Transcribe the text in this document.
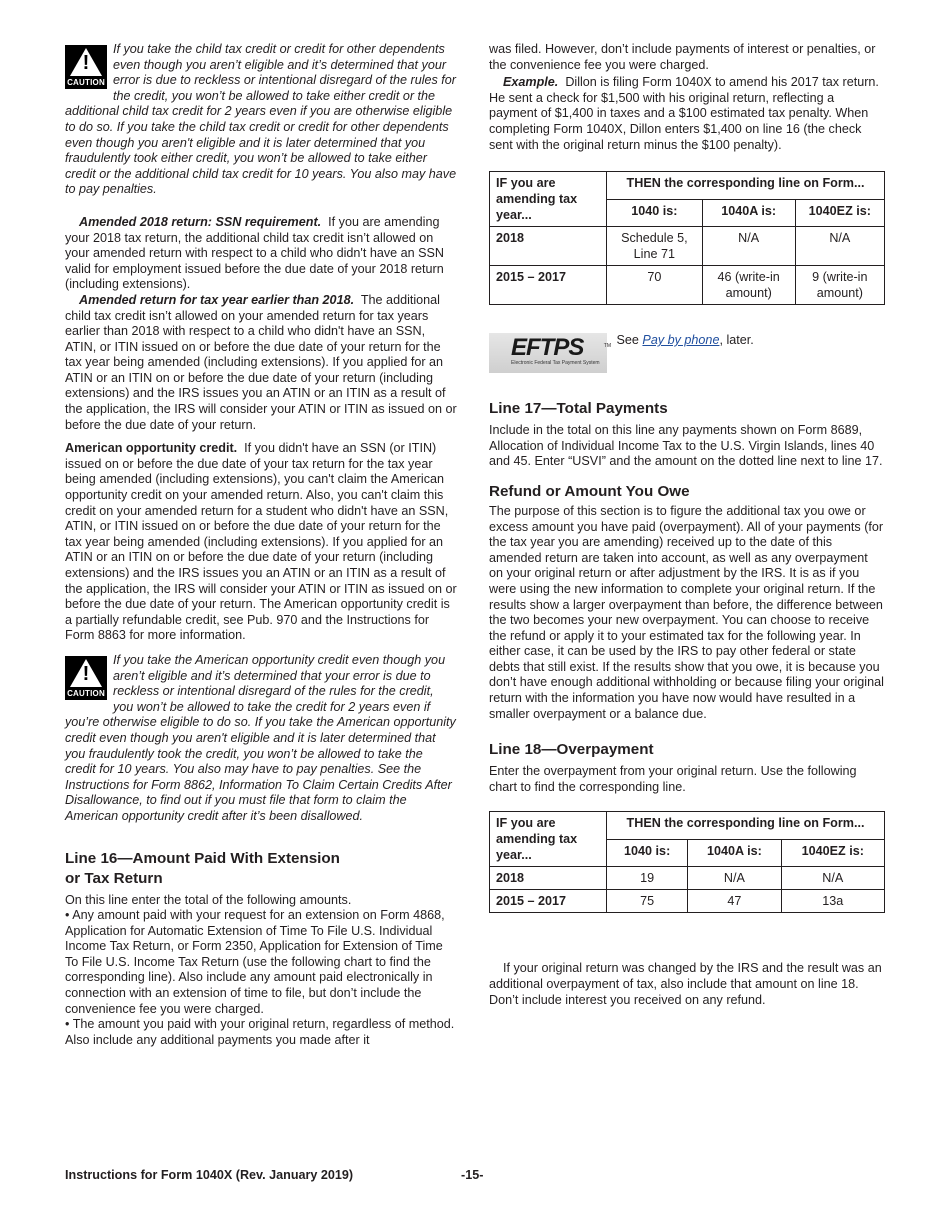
!
CAUTION

If you take the child tax credit or credit for other dependents even though you aren’t eligible and it’s determined that your error is due to reckless or intentional disregard of the rules for the credit, you won’t be allowed to take either credit or the additional child tax credit for 2 years even if you are otherwise eligible to do so. If you take the child tax credit or credit for other dependents even though you aren't eligible and it is later determined that you fraudulently took either credit, you won’t be allowed to take either credit or the additional child tax credit for 10 years. You also may have to pay penalties.

Amended 2018 return: SSN requirement. If you are amending your 2018 tax return, the additional child tax credit isn’t allowed on your amended return with respect to a child who didn't have an SSN valid for employment issued before the due date of your 2018 return (including extensions).

Amended return for tax year earlier than 2018. The additional child tax credit isn’t allowed on your amended return for tax years earlier than 2018 with respect to a child who didn't have an SSN, ATIN, or ITIN issued on or before the due date of your return for the tax year being amended (including extensions). If you applied for an ATIN or an ITIN on or before the due date of your return (including extensions) and the IRS issues you an ATIN or an ITIN as a result of the application, the IRS will consider your ATIN or ITIN as issued on or before the due date of your return.

American opportunity credit. If you didn't have an SSN (or ITIN) issued on or before the due date of your tax return for the tax year being amended (including extensions), you can't claim the American opportunity credit on your amended return. Also, you can't claim this credit on your amended return for a student who didn't have an SSN, ATIN, or ITIN issued on or before the due date of your return for the tax year being amended (including extensions). If you applied for an ATIN or an ITIN on or before the due date of your return (including extensions) and the IRS issues you an ATIN or an ITIN as a result of the application, the IRS will consider your ATIN or ITIN as issued on or before the due date of your return. The American opportunity credit is a partially refundable credit, see Pub. 970 and the Instructions for Form 8863 for more information.

!
CAUTION

If you take the American opportunity credit even though you aren’t eligible and it’s determined that your error is due to reckless or intentional disregard of the rules for the credit, you won’t be allowed to take the credit for 2 years even if you’re otherwise eligible to do so. If you take the American opportunity credit even though you aren't eligible and it is later determined that you fraudulently took the credit, you won’t be allowed to take the credit for 10 years. You also may have to pay penalties. See the Instructions for Form 8862, Information To Claim Certain Credits After Disallowance, to find out if you must file that form to claim the American opportunity credit after it’s been disallowed.

Line 16—Amount Paid With Extension
or Tax Return

On this line enter the total of the following amounts.

• Any amount paid with your request for an extension on Form 4868, Application for Automatic Extension of Time To File U.S. Individual Income Tax Return, or Form 2350, Application for Extension of Time To File U.S. Income Tax Return (use the following chart to find the corresponding line). Also include any amount paid electronically in connection with an extension of time to file, but don’t include the convenience fee you were charged.

• The amount you paid with your original return, regardless of method. Also include any additional payments you made after it

was filed. However, don’t include payments of interest or penalties, or the convenience fee you were charged.

Example. Dillon is filing Form 1040X to amend his 2017 tax return. He sent a check for $1,500 with his original return, reflecting a payment of $1,400 in taxes and a $100 estimated tax penalty. When completing Form 1040X, Dillon enters $1,400 on line 16 (the check sent with the original return minus the $100 penalty).

IF you are amending tax year...	THEN the corresponding line on Form...		
	1040 is:	1040A is:	1040EZ is:
2018	Schedule 5, Line 71	N/A	N/A
2015 – 2017	70	46 (write-in amount)	9 (write-in amount)
EFTPS
Electronic Federal Tax Payment System
TM See Pay by phone, later.
Line 17—Total Payments

Include in the total on this line any payments shown on Form 8689, Allocation of Individual Income Tax to the U.S. Virgin Islands, lines 40 and 45. Enter “USVI” and the amount on the dotted line next to line 17.

Refund or Amount You Owe

The purpose of this section is to figure the additional tax you owe or excess amount you have paid (overpayment). All of your payments (for the tax year you are amending) received up to the date of this amended return are taken into account, as well as any overpayment on your original return or after adjustment by the IRS. It is as if you were using the new information to complete your original return. If the results show a larger overpayment than before, the difference between the two becomes your new overpayment. You can choose to receive the refund or apply it to your estimated tax for the following year. In either case, it can be used by the IRS to pay other federal or state debts that still exist. If the results show that you owe, it is because you don’t have enough additional withholding or because filing your original return with the information you have now would have resulted in a smaller overpayment or a balance due.

Line 18—Overpayment

Enter the overpayment from your original return. Use the following chart to find the corresponding line.

IF you are amending tax year...	THEN the corresponding line on Form...		
	1040 is:	1040A is:	1040EZ is:
2018	19	N/A	N/A
2015 – 2017	75	47	13a

If your original return was changed by the IRS and the result was an additional overpayment of tax, also include that amount on line 18. Don’t include interest you received on any refund.

Instructions for Form 1040X (Rev. January 2019)	-15-
